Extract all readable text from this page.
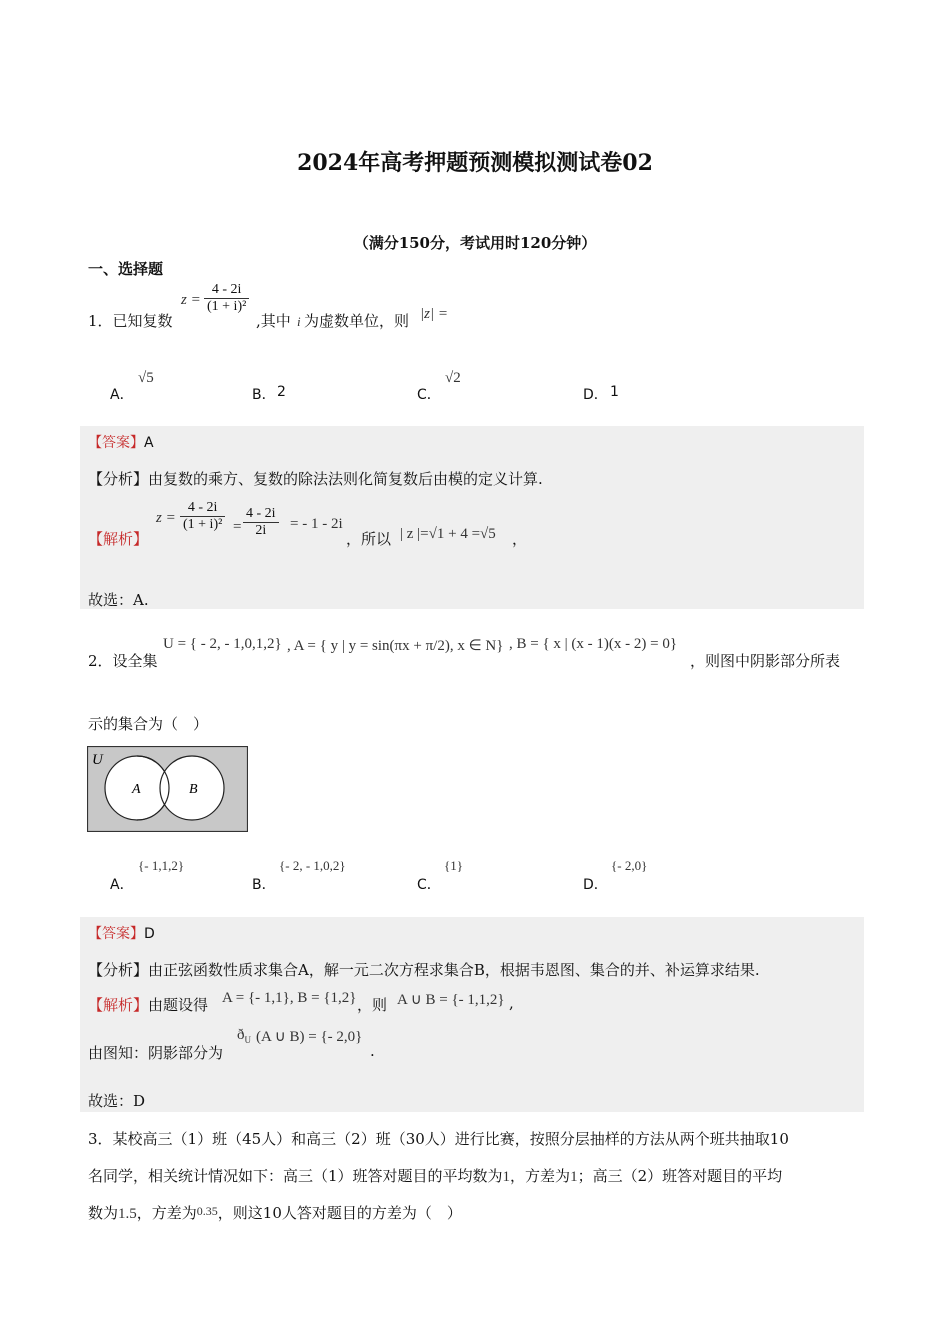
2024年高考押题预测模拟测试卷02
（满分150分，考试用时120分钟）
一、选择题
1．已知复数
$z = \frac{4 - 2i}{\text{(1 + i)²}}$
,其中 i 为虚数单位，则 |z| =
A．
√5
B． 2	C．
√2
D． 1
【答案】A
【分析】由复数的乘方、复数的除法法则化简复数后由模的定义计算.
【解析】
$z = \frac{4 - 2i}{\text{(1 + i)²}} = \frac{4 - 2i}{2i}$ = - 1 - 2i
，所以 | z |=√1 + 4 =√5 ，
故选：A.
2．设全集
U = { - 2, - 1,0,1,2} , A = { y | y = sin(πx + π/2), x ∈ N} , B = { x | (x - 1)(x - 2) = 0}
，则图中阴影部分所表
示的集合为（　）
U
A	B
A．
{- 1,1,2}
B．
{- 2, - 1,0,2}
C．
{1}
D．
{- 2,0}
【答案】D
【分析】由正弦函数性质求集合A，解一元二次方程求集合B，根据韦恩图、集合的并、补运算求结果.
【解析】由题设得 A = {- 1,1}, B = {1,2} ，则 A ∪ B = {- 1,1,2} ,
由图知：阴影部分为
$ð_U$ (A ∪ B) = {- 2,0}
.
故选：D
3．某校高三（1）班（45人）和高三（2）班（30人）进行比赛，按照分层抽样的方法从两个班共抽取10
名同学，相关统计情况如下：高三（1）班答对题目的平均数为1，方差为1；高三（2）班答对题目的平均
数为1.5，方差为$^{0.35}$，则这10人答对题目的方差为（　）
